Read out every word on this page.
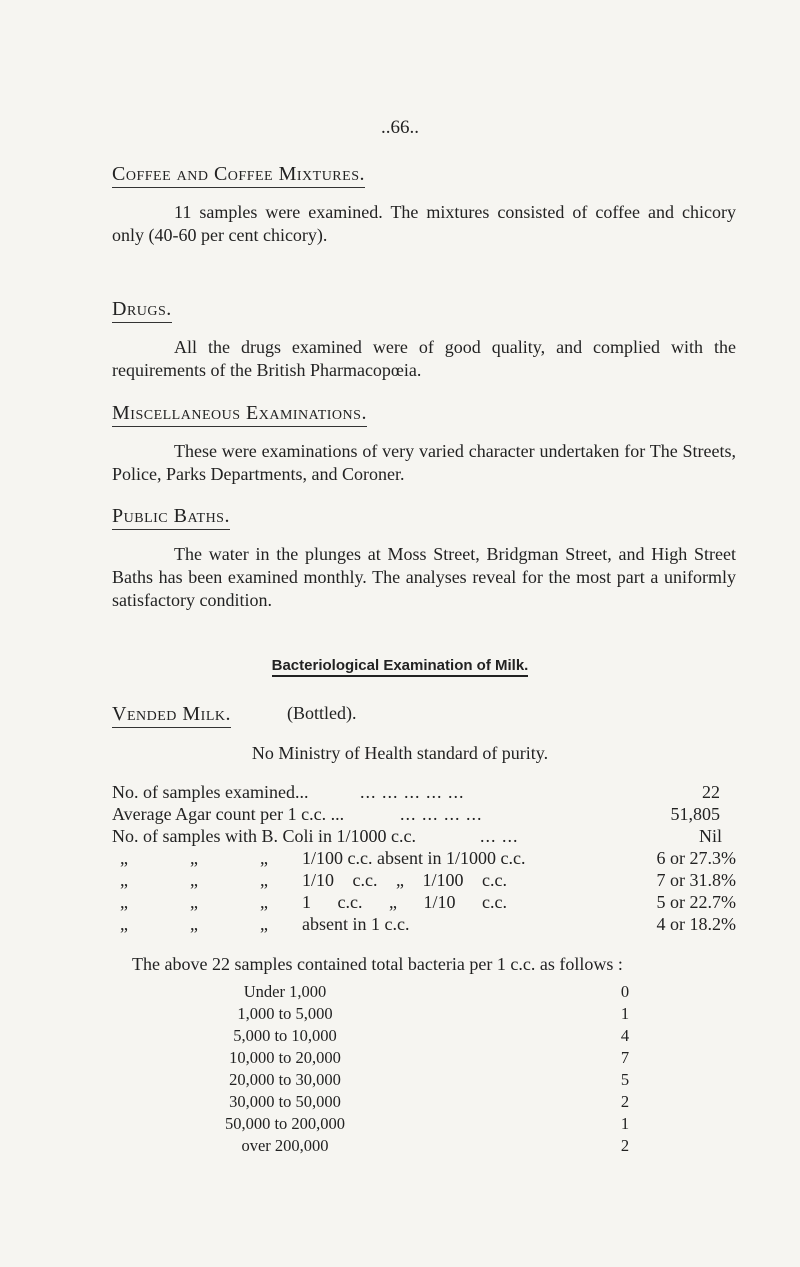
..66..
Coffee and Coffee Mixtures.
11 samples were examined. The mixtures consisted of coffee and chicory only (40-60 per cent chicory).
Drugs.
All the drugs examined were of good quality, and complied with the requirements of the British Pharmacopœia.
Miscellaneous Examinations.
These were examinations of very varied character undertaken for The Streets, Police, Parks Departments, and Coroner.
Public Baths.
The water in the plunges at Moss Street, Bridgman Street, and High Street Baths has been examined monthly. The analyses reveal for the most part a uniformly satisfactory condition.
Bacteriological Examination of Milk.
Vended Milk.	(Bottled).
No Ministry of Health standard of purity.
No. of samples examined...	... ... ... ... ...	22
Average Agar count per 1 c.c. ...	... ... ... ...	51,805
No. of samples with B. Coli in 1/1000 c.c.	... ...	Nil
„	„	„ 1/100 c.c. absent in 1/1000 c.c.	6 or 27.3%
„	„	„ 1/10 c.c. „ 1/100 c.c.	7 or 31.8%
„	„	„ 1 c.c. „ 1/10 c.c.	5 or 22.7%
„	„	„ absent in 1 c.c.	4 or 18.2%
The above 22 samples contained total bacteria per 1 c.c. as follows :
Under 1,000	0
1,000 to 5,000	1
5,000 to 10,000	4
10,000 to 20,000	7
20,000 to 30,000	5
30,000 to 50,000	2
50,000 to 200,000	1
over 200,000	2
